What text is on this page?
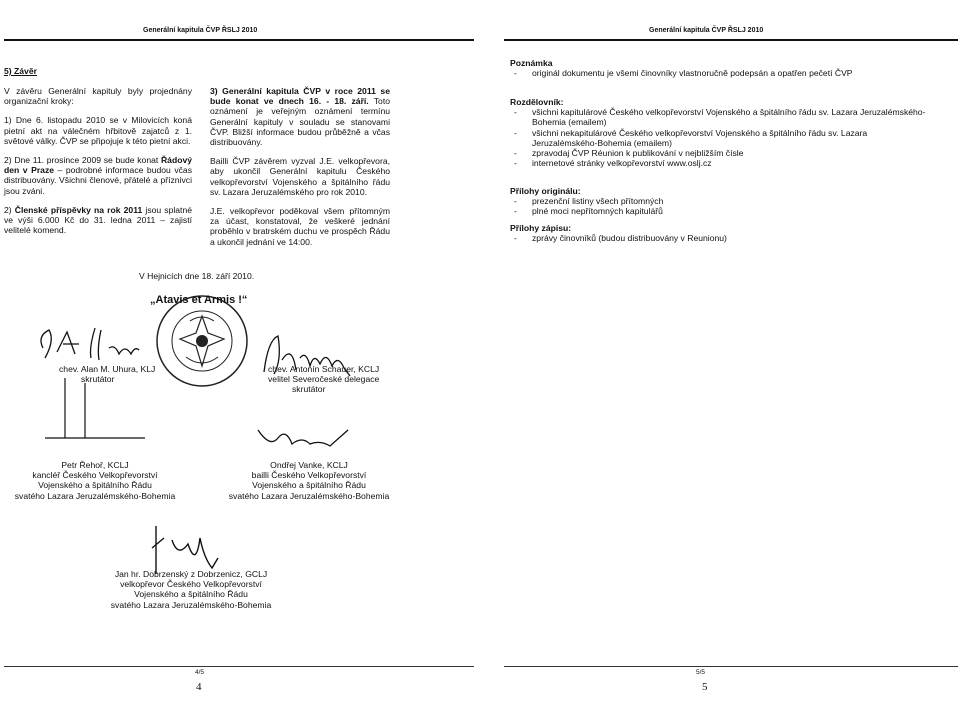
Generální kapitula ČVP ŘSLJ 2010
5) Závěr

V závěru Generální kapituly byly projednány organizační kroky:

1) Dne 6. listopadu 2010 se v Milovicích koná pietní akt na válečném hřbitově zajatců z 1. světové války. ČVP se připojuje k této pietní akci.

2) Dne 11. prosince 2009 se bude konat Řádový den v Praze – podrobné informace budou včas distribuovány. Všichni členové, přátelé a příznivci jsou zváni.

2) Členské příspěvky na rok 2011 jsou splatné ve výši 6.000 Kč do 31. ledna 2011 – zajistí velitelé komend.

3) Generální kapitula ČVP v roce 2011 se bude konat ve dnech 16. - 18. září. Toto oznámení je veřejným oznámení termínu Generální kapituly v souladu se stanovami ČVP. Bližší informace budou průběžně a včas distribuovány.

Bailli ČVP závěrem vyzval J.E. velkopřevora, aby ukončil Generální kapitulu Českého velkopřevorství Vojenského a špitálního řádu sv. Lazara Jeruzalémského pro rok 2010.

J.E. velkopřevor poděkoval všem přítomným za účast, konstatoval, že veškeré jednání proběhlo v bratrském duchu ve prospěch Řádu a ukončil jednání ve 14:00.

V Hejnicích dne 18. září 2010.
„Atavis et Armis !“
chev. Alan M. Uhura, KLJ
skrutátor
chev. Antonín Schauer, KCLJ
velitel Severočeské delegace
skrutátor
Petr Řehoř, KCLJ
kancléř Českého Velkopřevorství
Vojenského a špitálního Řádu
svatého Lazara Jeruzalémského-Bohemia
Ondřej Vanke, KCLJ
bailli Českého Velkopřevorství
Vojenského a špitálního Řádu
svatého Lazara Jeruzalémského-Bohemia
Jan hr. Dobrzenský z Dobrzenicz, GCLJ
velkopřevor Českého Velkopřevorství
Vojenského a špitálního Řádu
svatého Lazara Jeruzalémského-Bohemia
4/5
4
Generální kapitula ČVP ŘSLJ 2010
Poznámka
- originál dokumentu je všemi činovníky vlastnoručně podepsán a opatřen pečetí ČVP
Rozdělovník:
- všichni kapitulárové Českého velkopřevorství Vojenského a špitálního řádu sv. Lazara Jeruzalémského-Bohemia (emailem)
- všichni nekapitulárové Českého velkopřevorství Vojenského a špitálního řádu sv. Lazara Jeruzalémského-Bohemia (emailem)
- zpravodaj ČVP Réunion k publikování v nejbližším čísle
- internetové stránky velkopřevorství www.oslj.cz
Přílohy originálu:
- prezenční listiny všech přítomných
- plné moci nepřítomných kapitulářů
Přílohy zápisu:
- zprávy činovníků (budou distribuovány v Reunionu)
5/5
5
